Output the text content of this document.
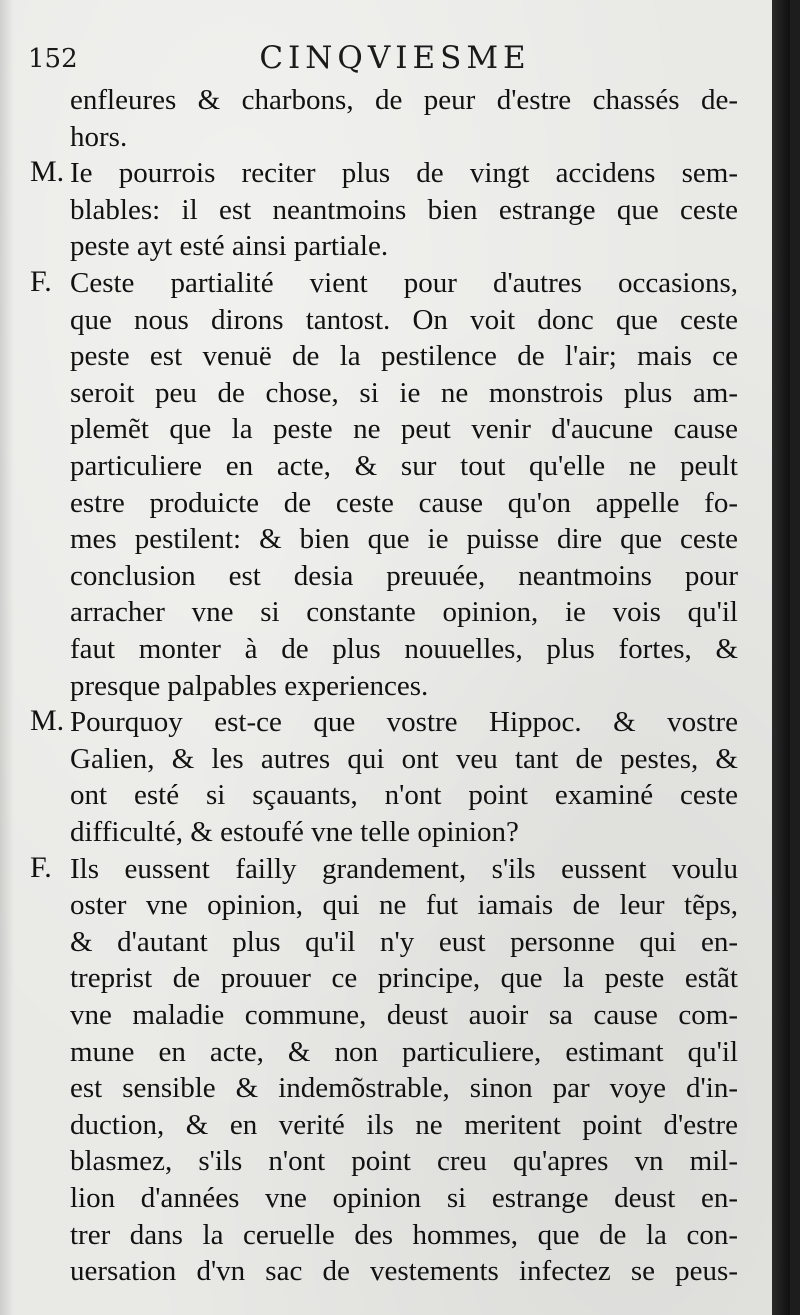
152	CINQVIESME
enfleures & charbons, de peur d'estre chassés de-
hors.
M. Ie pourrois reciter plus de vingt accidens sem-
blables: il est neantmoins bien estrange que ceste
peste ayt esté ainsi partiale.
F. Ceste partialité vient pour d'autres occasions,
que nous dirons tantost. On voit donc que ceste
peste est venuë de la pestilence de l'air; mais ce
seroit peu de chose, si ie ne monstrois plus am-
plemẽt que la peste ne peut venir d'aucune cause
particuliere en acte, & sur tout qu'elle ne peult
estre produicte de ceste cause qu'on appelle fo-
mes pestilent: & bien que ie puisse dire que ceste
conclusion est desia preuuée, neantmoins pour
arracher vne si constante opinion, ie vois qu'il
faut monter à de plus nouuelles, plus fortes, &
presque palpables experiences.
M. Pourquoy est-ce que vostre Hippoc. & vostre
Galien, & les autres qui ont veu tant de pestes, &
ont esté si sçauants, n'ont point examiné ceste
difficulté, & estoufé vne telle opinion?
F. Ils eussent failly grandement, s'ils eussent voulu
oster vne opinion, qui ne fut iamais de leur tẽps,
& d'autant plus qu'il n'y eust personne qui en-
treprist de prouuer ce principe, que la peste estãt
vne maladie commune, deust auoir sa cause com-
mune en acte, & non particuliere, estimant qu'il
est sensible & indemõstrable, sinon par voye d'in-
duction, & en verité ils ne meritent point d'estre
blasmez, s'ils n'ont point creu qu'apres vn mil-
lion d'années vne opinion si estrange deust en-
trer dans la ceruelle des hommes, que de la con-
uersation d'vn sac de vestements infectez se peus-
